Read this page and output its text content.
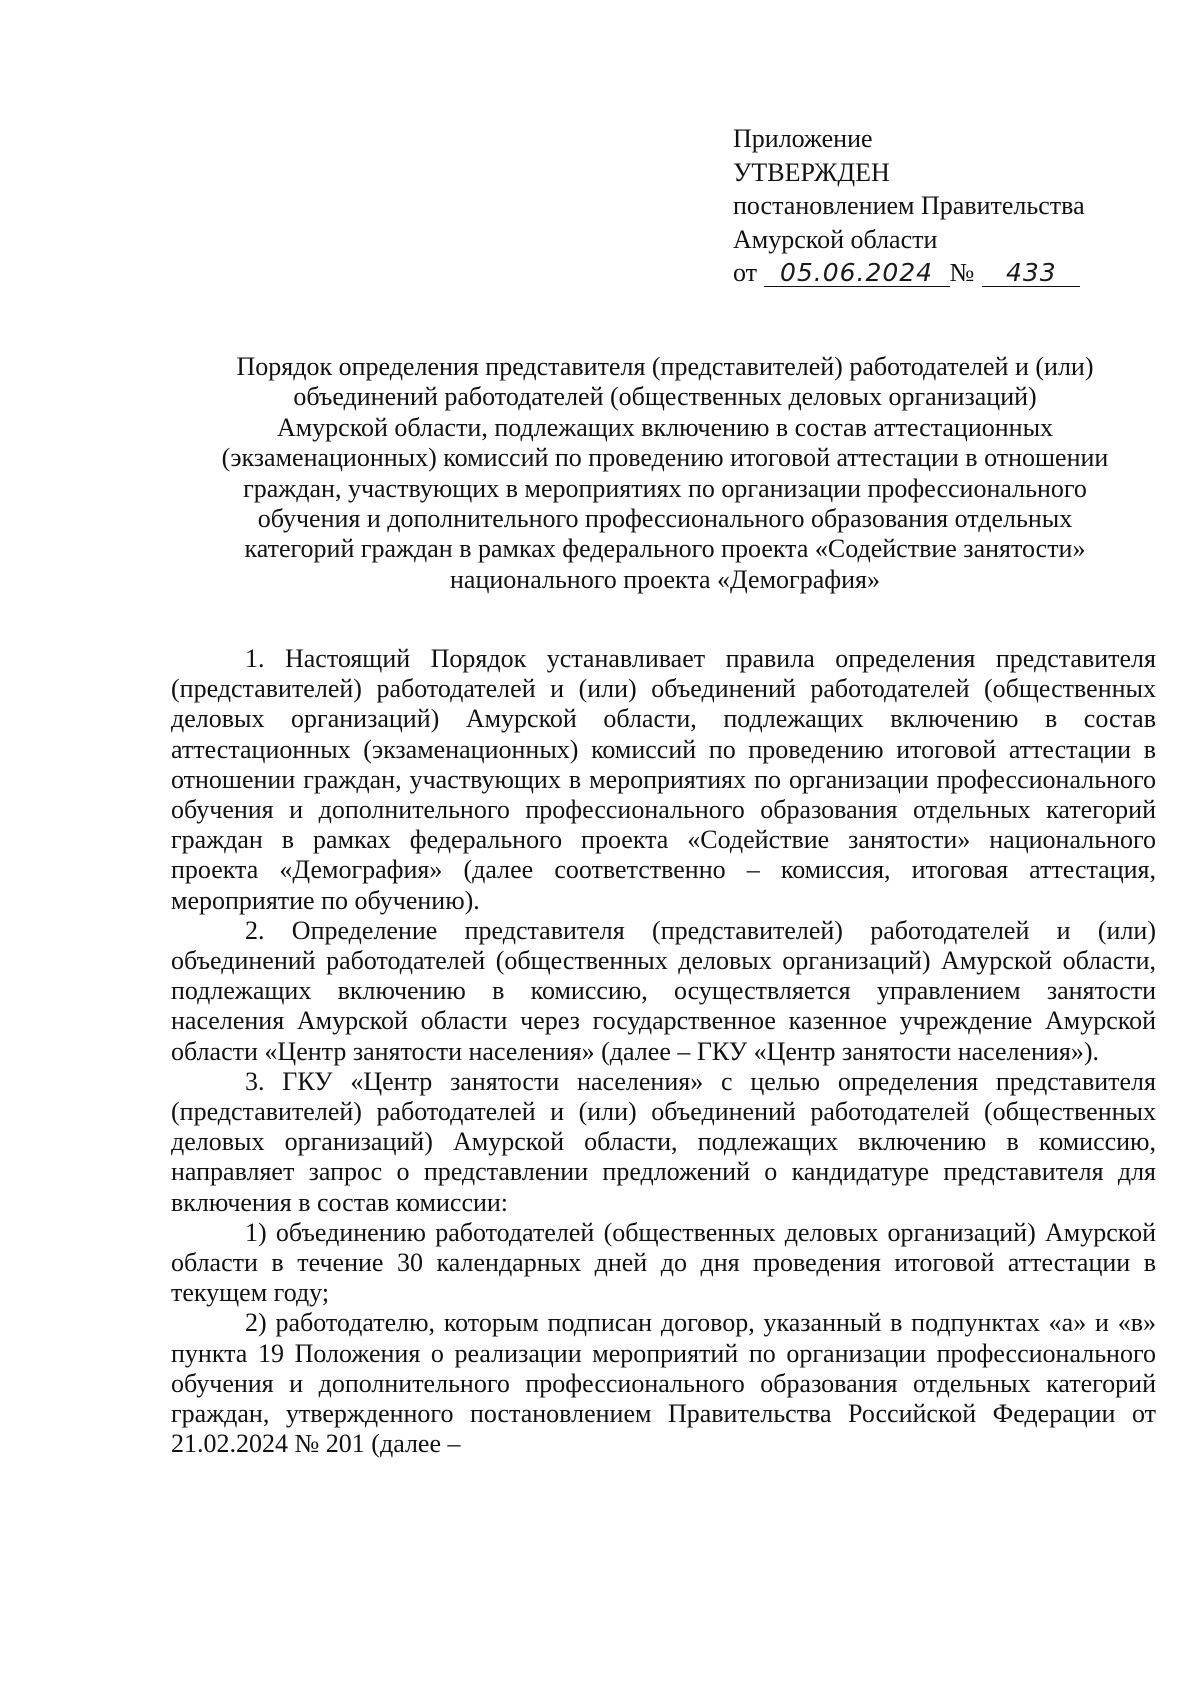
Приложение
УТВЕРЖДЕН
постановлением Правительства
Амурской области
от 05.06.2024 № 433
Порядок определения представителя (представителей) работодателей и (или)
объединений работодателей (общественных деловых организаций)
Амурской области, подлежащих включению в состав аттестационных
(экзаменационных) комиссий по проведению итоговой аттестации в отношении
граждан, участвующих в мероприятиях по организации профессионального
обучения и дополнительного профессионального образования отдельных
категорий граждан в рамках федерального проекта «Содействие занятости»
национального проекта «Демография»

1. Настоящий Порядок устанавливает правила определения представителя (представителей) работодателей и (или) объединений работодателей (общественных деловых организаций) Амурской области, подлежащих включению в состав аттестационных (экзаменационных) комиссий по проведению итоговой аттестации в отношении граждан, участвующих в мероприятиях по организации профессионального обучения и дополнительного профессионального образования отдельных категорий граждан в рамках федерального проекта «Содействие занятости» национального проекта «Демография» (далее соответственно – комиссия, итоговая аттестация, мероприятие по обучению).

2. Определение представителя (представителей) работодателей и (или) объединений работодателей (общественных деловых организаций) Амурской области, подлежащих включению в комиссию, осуществляется управлением занятости населения Амурской области через государственное казенное учреждение Амурской области «Центр занятости населения» (далее – ГКУ «Центр занятости населения»).

3. ГКУ «Центр занятости населения» с целью определения представителя (представителей) работодателей и (или) объединений работодателей (общественных деловых организаций) Амурской области, подлежащих включению в комиссию, направляет запрос о представлении предложений о кандидатуре представителя для включения в состав комиссии:

1) объединению работодателей (общественных деловых организаций) Амурской области в течение 30 календарных дней до дня проведения итоговой аттестации в текущем году;

2) работодателю, которым подписан договор, указанный в подпунктах «а» и «в» пункта 19 Положения о реализации мероприятий по организации профессионального обучения и дополнительного профессионального образования отдельных категорий граждан, утвержденного постановлением Правительства Российской Федерации от 21.02.2024 № 201 (далее –
